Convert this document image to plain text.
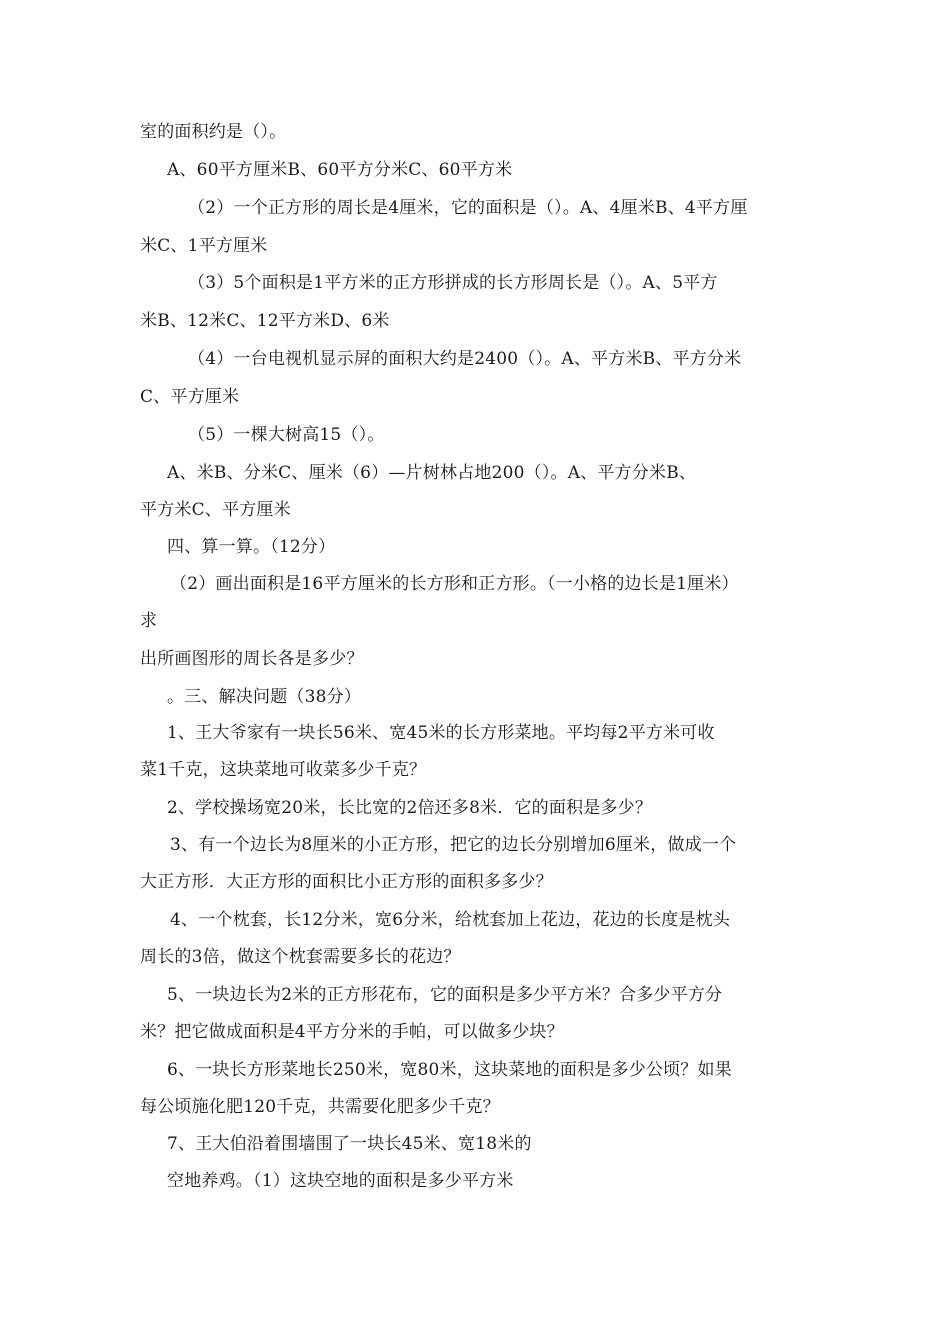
室的面积约是（）。
A、60平方厘米B、60平方分米C、60平方米
（2）一个正方形的周长是4厘米，它的面积是（）。A、4厘米B、4平方厘
米C、1平方厘米
（3）5个面积是1平方米的正方形拼成的长方形周长是（）。A、5平方
米B、12米C、12平方米D、6米
（4）一台电视机显示屏的面积大约是2400（）。A、平方米B、平方分米
C、平方厘米
（5）一棵大树高15（）。
A、米B、分米C、厘米（6）—片树林占地200（）。A、平方分米B、
平方米C、平方厘米
四、算一算。（12分）
（2）画出面积是16平方厘米的长方形和正方形。（一小格的边长是1厘米）
求
出所画图形的周长各是多少？
。三、解决问题（38分）
1、王大爷家有一块长56米、宽45米的长方形菜地。平均每2平方米可收
菜1千克，这块菜地可收菜多少千克？
2、学校操场宽20米，长比宽的2倍还多8米．它的面积是多少？
3、有一个边长为8厘米的小正方形，把它的边长分别增加6厘米，做成一个
大正方形．大正方形的面积比小正方形的面积多多少？
4、一个枕套，长12分米，宽6分米，给枕套加上花边，花边的长度是枕头
周长的3倍，做这个枕套需要多长的花边？
5、一块边长为2米的正方形花布，它的面积是多少平方米？合多少平方分
米？把它做成面积是4平方分米的手帕，可以做多少块？
6、一块长方形菜地长250米，宽80米，这块菜地的面积是多少公顷？如果
每公顷施化肥120千克，共需要化肥多少千克？
7、王大伯沿着围墙围了一块长45米、宽18米的
空地养鸡。（1）这块空地的面积是多少平方米
